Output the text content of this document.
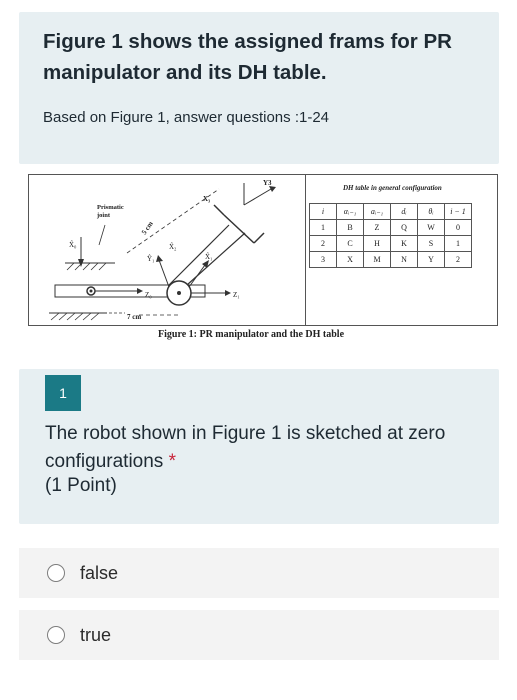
Figure 1 shows the assigned frams for PR manipulator and its DH table.
Based on Figure 1, answer questions :1-24
Prismatic
joint
5 cm
7 cm
X₃
Y3
Z₀	Z₁
Ŷ₁	X̂₁
X̂₀	X̂₂
DH table in general configuration
i	αᵢ₋₁	aᵢ₋₁	dᵢ	θᵢ	i − 1
1	B	Z	Q	W	0
2	C	H	K	S	1
3	X	M	N	Y	2
Figure 1: PR manipulator and the DH table
1
The robot shown in Figure 1 is sketched at zero configurations *
(1 Point)
false
true
